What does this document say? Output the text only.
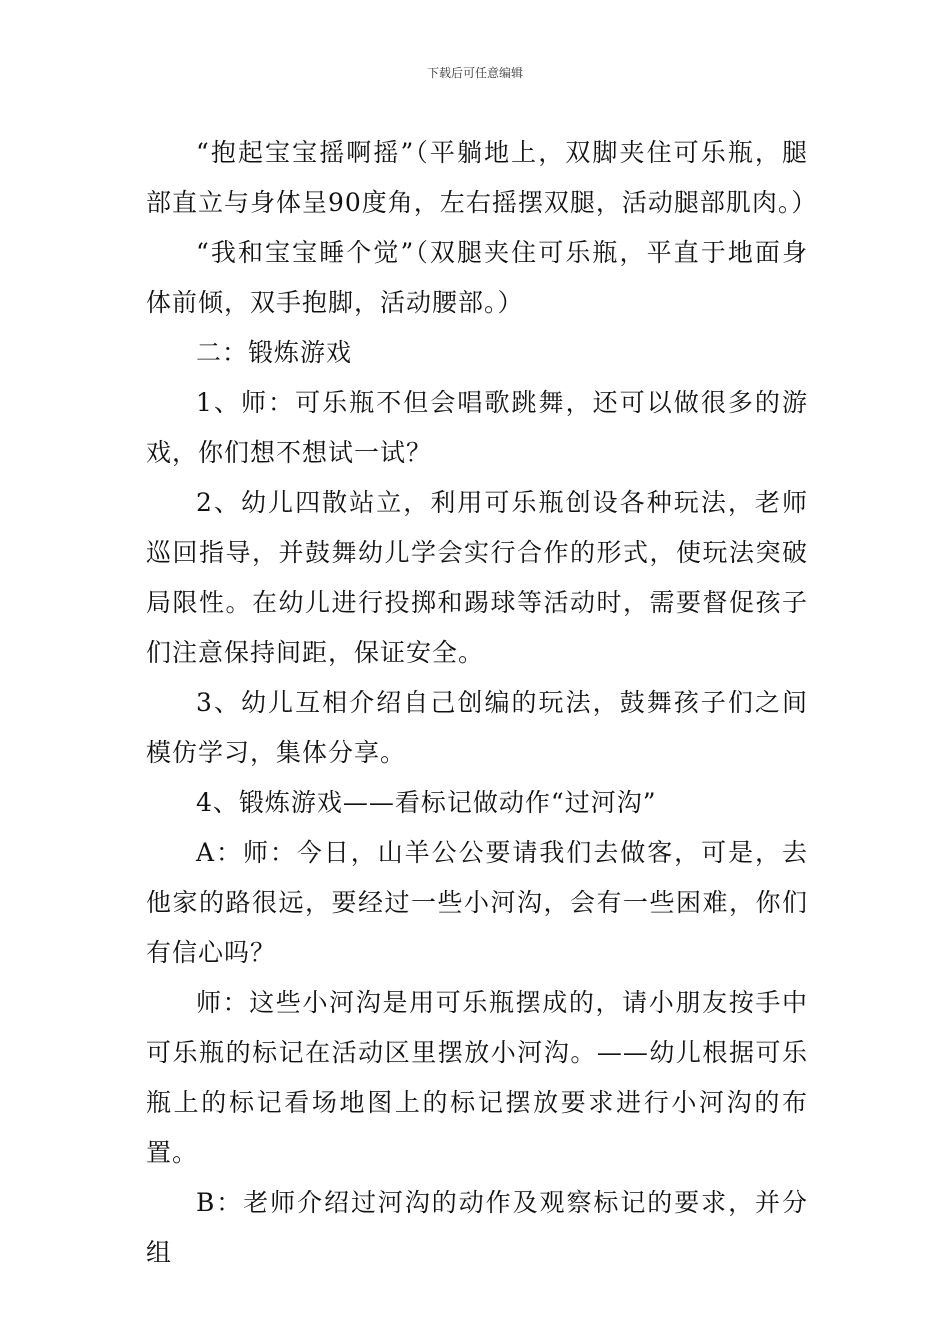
下载后可任意编辑

“抱起宝宝摇啊摇”（平躺地上，双脚夹住可乐瓶，腿部直立与身体呈90度角，左右摇摆双腿，活动腿部肌肉。）

“我和宝宝睡个觉”（双腿夹住可乐瓶，平直于地面身体前倾，双手抱脚，活动腰部。）

二：锻炼游戏

1、师：可乐瓶不但会唱歌跳舞，还可以做很多的游戏，你们想不想试一试？

2、幼儿四散站立，利用可乐瓶创设各种玩法，老师巡回指导，并鼓舞幼儿学会实行合作的形式，使玩法突破局限性。在幼儿进行投掷和踢球等活动时，需要督促孩子们注意保持间距，保证安全。

3、幼儿互相介绍自己创编的玩法，鼓舞孩子们之间模仿学习，集体分享。

4、锻炼游戏——看标记做动作“过河沟”

A：师：今日，山羊公公要请我们去做客，可是，去他家的路很远，要经过一些小河沟，会有一些困难，你们有信心吗？

师：这些小河沟是用可乐瓶摆成的，请小朋友按手中可乐瓶的标记在活动区里摆放小河沟。——幼儿根据可乐瓶上的标记看场地图上的标记摆放要求进行小河沟的布置。

B：老师介绍过河沟的动作及观察标记的要求，并分组
